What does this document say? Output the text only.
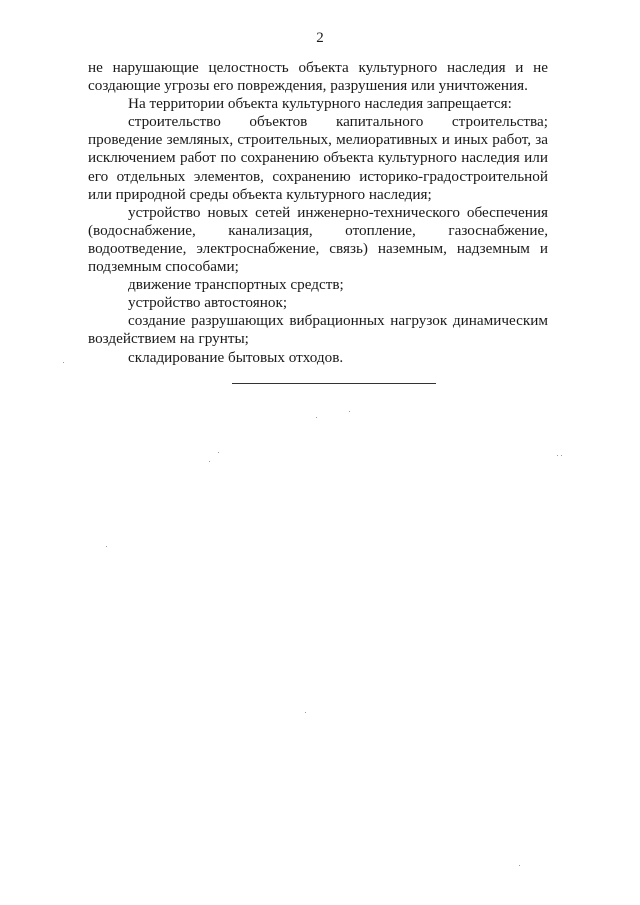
2

не нарушающие целостность объекта культурного наследия и не создающие угрозы его повреждения, разрушения или уничтожения.

На территории объекта культурного наследия запрещается:

строительство объектов капитального строительства; проведение земляных, строительных, мелиоративных и иных работ, за исключением работ по сохранению объекта культурного наследия или его отдельных элементов, сохранению историко-градостроительной или природной среды объекта культурного наследия;

устройство новых сетей инженерно-технического обеспечения (водоснабжение, канализация, отопление, газоснабжение, водоотведение, электроснабжение, связь) наземным, надземным и подземным способами;

движение транспортных средств;

устройство автостоянок;

создание разрушающих вибрационных нагрузок динамическим воздействием на грунты;

складирование бытовых отходов.
